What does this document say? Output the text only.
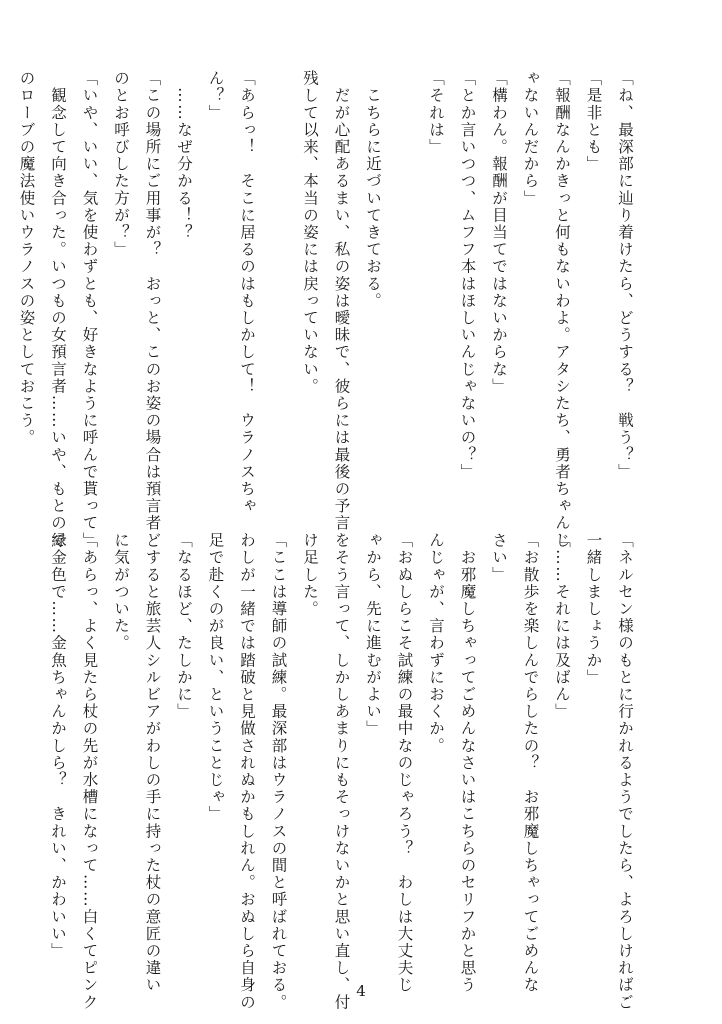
「ね、最深部に辿り着けたら、どうする？　戦う？」
「是非とも」
「報酬なんかきっと何もないわよ。アタシたち、勇者ちゃんじ
ゃないんだから」
「構わん。報酬が目当てではないからな」
「とか言いつつ、ムフフ本はほしいんじゃないの？」
「それは」

　こちらに近づいてきておる。
　だが心配あるまい、私の姿は曖昧で、彼らには最後の予言を
残して以来、本当の姿には戻っていない。

「あらっ！　そこに居るのはもしかして！　ウラノスちゃ
ん？」
　……なぜ分かる！？
「この場所にご用事が？　おっと、このお姿の場合は預言者ど
のとお呼びした方が？」
「いや、いい、気を使わずとも、好きなように呼んで貰って」
　観念して向き合った。いつもの女預言者……いや、もとの緑
のローブの魔法使いウラノスの姿としておこう。
「ネルセン様のもとに行かれるようでしたら、よろしければご
一緒しましょうか」
「……それには及ばん」
「お散歩を楽しんでらしたの？　お邪魔しちゃってごめんな
さい」
　お邪魔しちゃってごめんなさいはこちらのセリフかと思う
んじゃが、言わずにおくか。
「おぬしらこそ試練の最中なのじゃろう？　わしは大丈夫じ
ゃから、先に進むがよい」
　そう言って、しかしあまりにもそっけないかと思い直し、付
け足した。
「ここは導師の試練。最深部はウラノスの間と呼ばれておる。
わしが一緒では踏破と見做されぬかもしれん。おぬしら自身の
足で赴くのが良い、ということじゃ」
「なるほど、たしかに」
　すると旅芸人シルビアがわしの手に持った杖の意匠の違い
に気がついた。
「あらっ、よく見たら杖の先が水槽になって……白くてピンク
で金色で……金魚ちゃんかしら？　きれい、かわいい」
4
